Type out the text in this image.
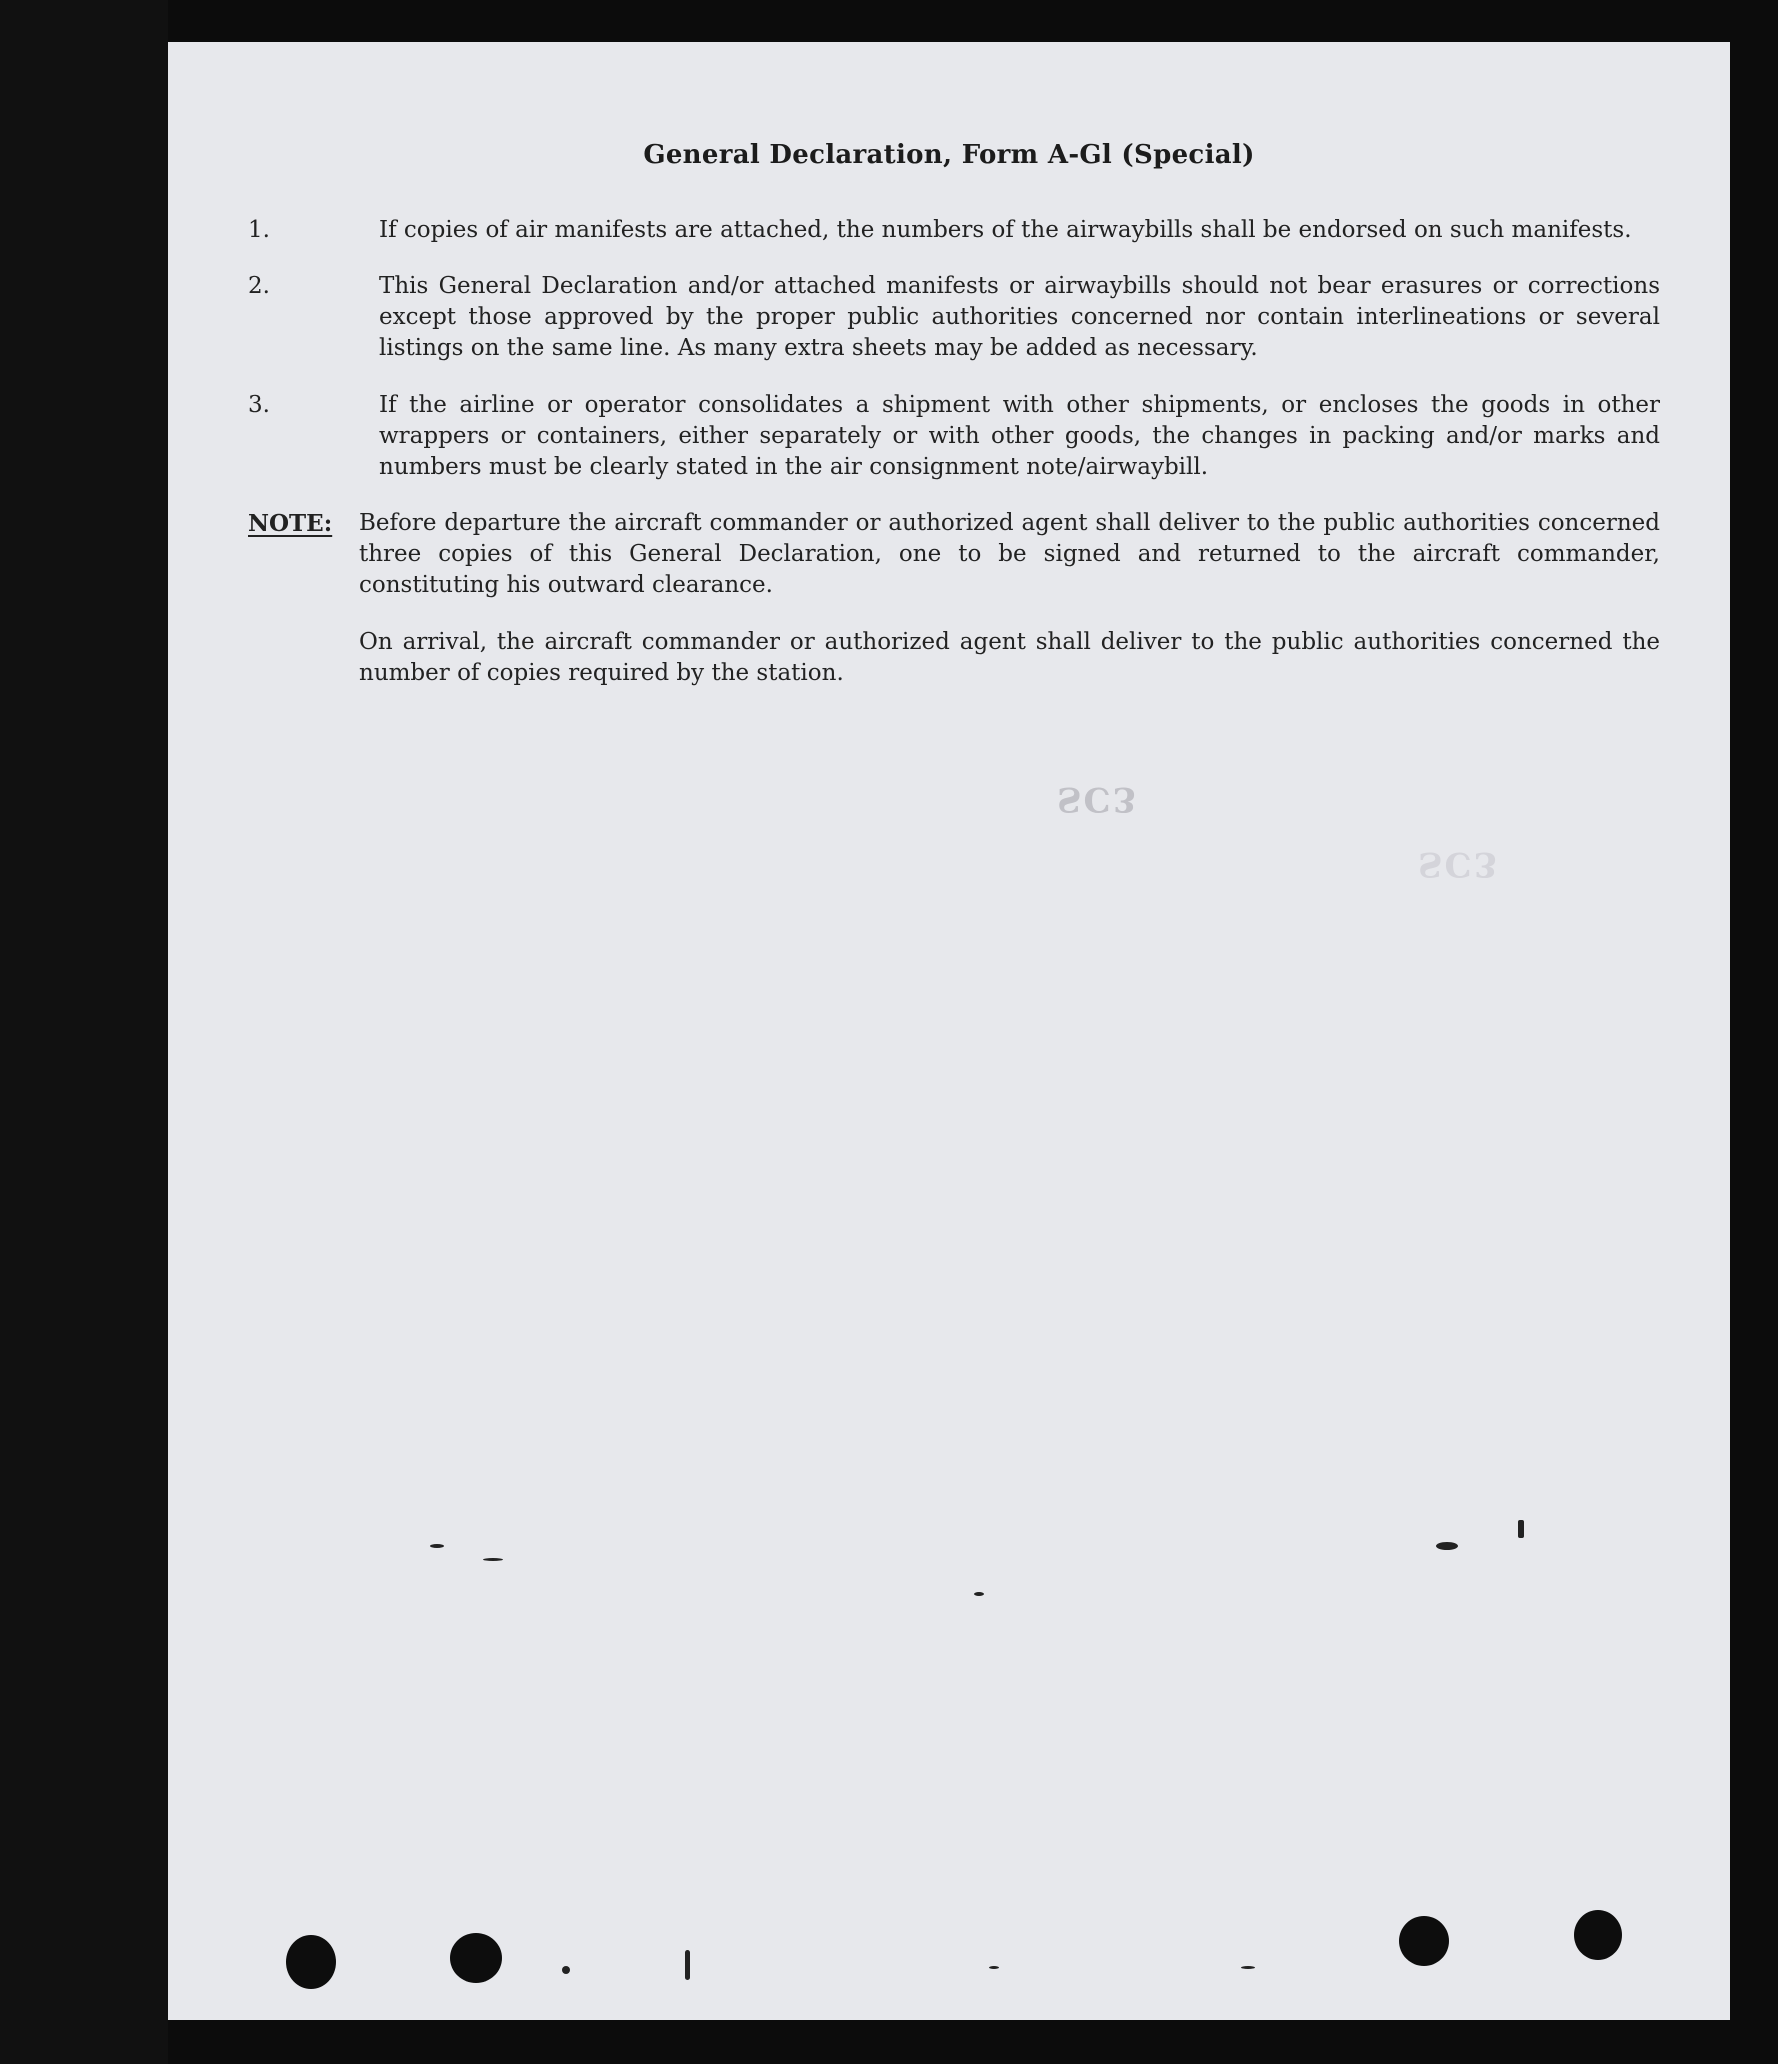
General Declaration, Form A-Gl (Special)
1.	If copies of air manifests are attached, the numbers of the airwaybills shall be endorsed on such manifests.
2.	This General Declaration and/or attached manifests or airwaybills should not bear erasures or corrections except those approved by the proper public authorities concerned nor contain interlineations or several listings on the same line. As many extra sheets may be added as necessary.
3.	If the airline or operator consolidates a shipment with other shipments, or encloses the goods in other wrappers or containers, either separately or with other goods, the changes in packing and/or marks and numbers must be clearly stated in the air consignment note/airwaybill.
NOTE: Before departure the aircraft commander or authorized agent shall deliver to the public authorities concerned three copies of this General Declaration, one to be signed and returned to the aircraft commander, constituting his outward clearance.
On arrival, the aircraft commander or authorized agent shall deliver to the public authorities concerned the number of copies required by the station.
SC3
SC3
